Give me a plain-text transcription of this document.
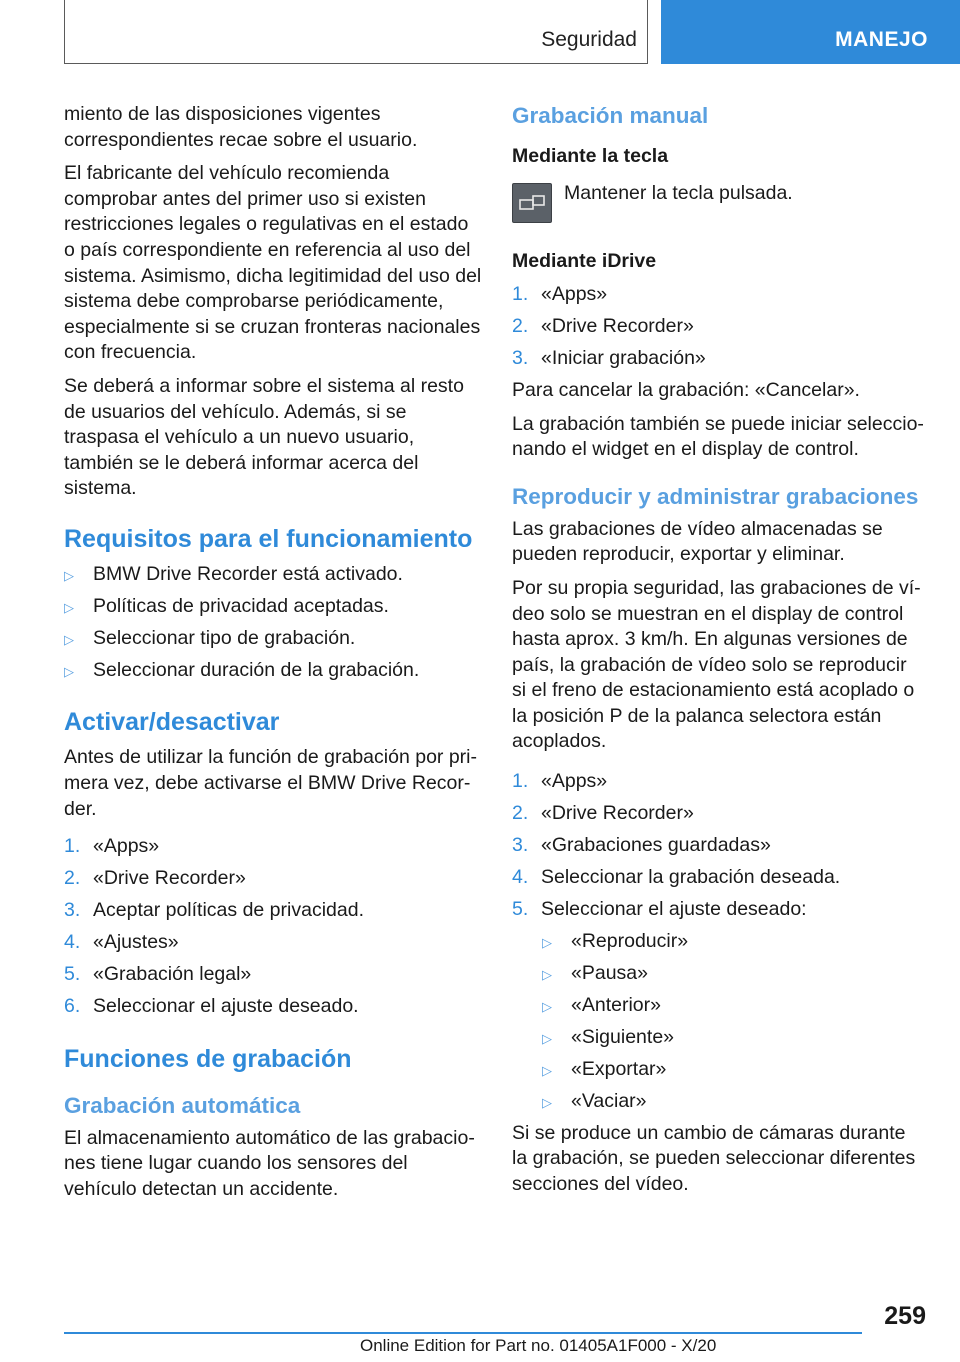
Seguridad	MANEJO

miento de las disposiciones vigentes correspondientes recae sobre el usuario.

El fabricante del vehículo recomienda comprobar antes del primer uso si existen restricciones legales o regulativas en el estado o país correspondiente en referencia al uso del sistema. Asimismo, dicha legitimidad del uso del sistema debe comprobarse periódicamente, especialmente si se cruzan fronteras nacionales con frecuencia.

Se deberá a informar sobre el sistema al resto de usuarios del vehículo. Además, si se traspasa el vehículo a un nuevo usuario, también se le deberá informar acerca del sistema.

Requisitos para el funcionamiento
▷ BMW Drive Recorder está activado.
▷ Políticas de privacidad aceptadas.
▷ Seleccionar tipo de grabación.
▷ Seleccionar duración de la grabación.
Activar/desactivar

Antes de utilizar la función de grabación por primera vez, debe activarse el BMW Drive Recorder.

1. «Apps»
2. «Drive Recorder»
3. Aceptar políticas de privacidad.
4. «Ajustes»
5. «Grabación legal»
6. Seleccionar el ajuste deseado.
Funciones de grabación
Grabación automática

El almacenamiento automático de las grabaciones tiene lugar cuando los sensores del vehículo detectan un accidente.

Grabación manual
Mediante la tecla
Mantener la tecla pulsada.
Mediante iDrive
1. «Apps»
2. «Drive Recorder»
3. «Iniciar grabación»

Para cancelar la grabación: «Cancelar».

La grabación también se puede iniciar seleccionando el widget en el display de control.

Reproducir y administrar grabaciones

Las grabaciones de vídeo almacenadas se pueden reproducir, exportar y eliminar.

Por su propia seguridad, las grabaciones de vídeo solo se muestran en el display de control hasta aprox. 3 km/h. En algunas versiones de país, la grabación de vídeo solo se reproducir si el freno de estacionamiento está acoplado o la posición P de la palanca selectora están acoplados.

1. «Apps»
2. «Drive Recorder»
3. «Grabaciones guardadas»
4. Seleccionar la grabación deseada.
5. Seleccionar el ajuste deseado:
▷ «Reproducir»
▷ «Pausa»
▷ «Anterior»
▷ «Siguiente»
▷ «Exportar»
▷ «Vaciar»

Si se produce un cambio de cámaras durante la grabación, se pueden seleccionar diferentes secciones del vídeo.

259
Online Edition for Part no. 01405A1F000 - X/20
